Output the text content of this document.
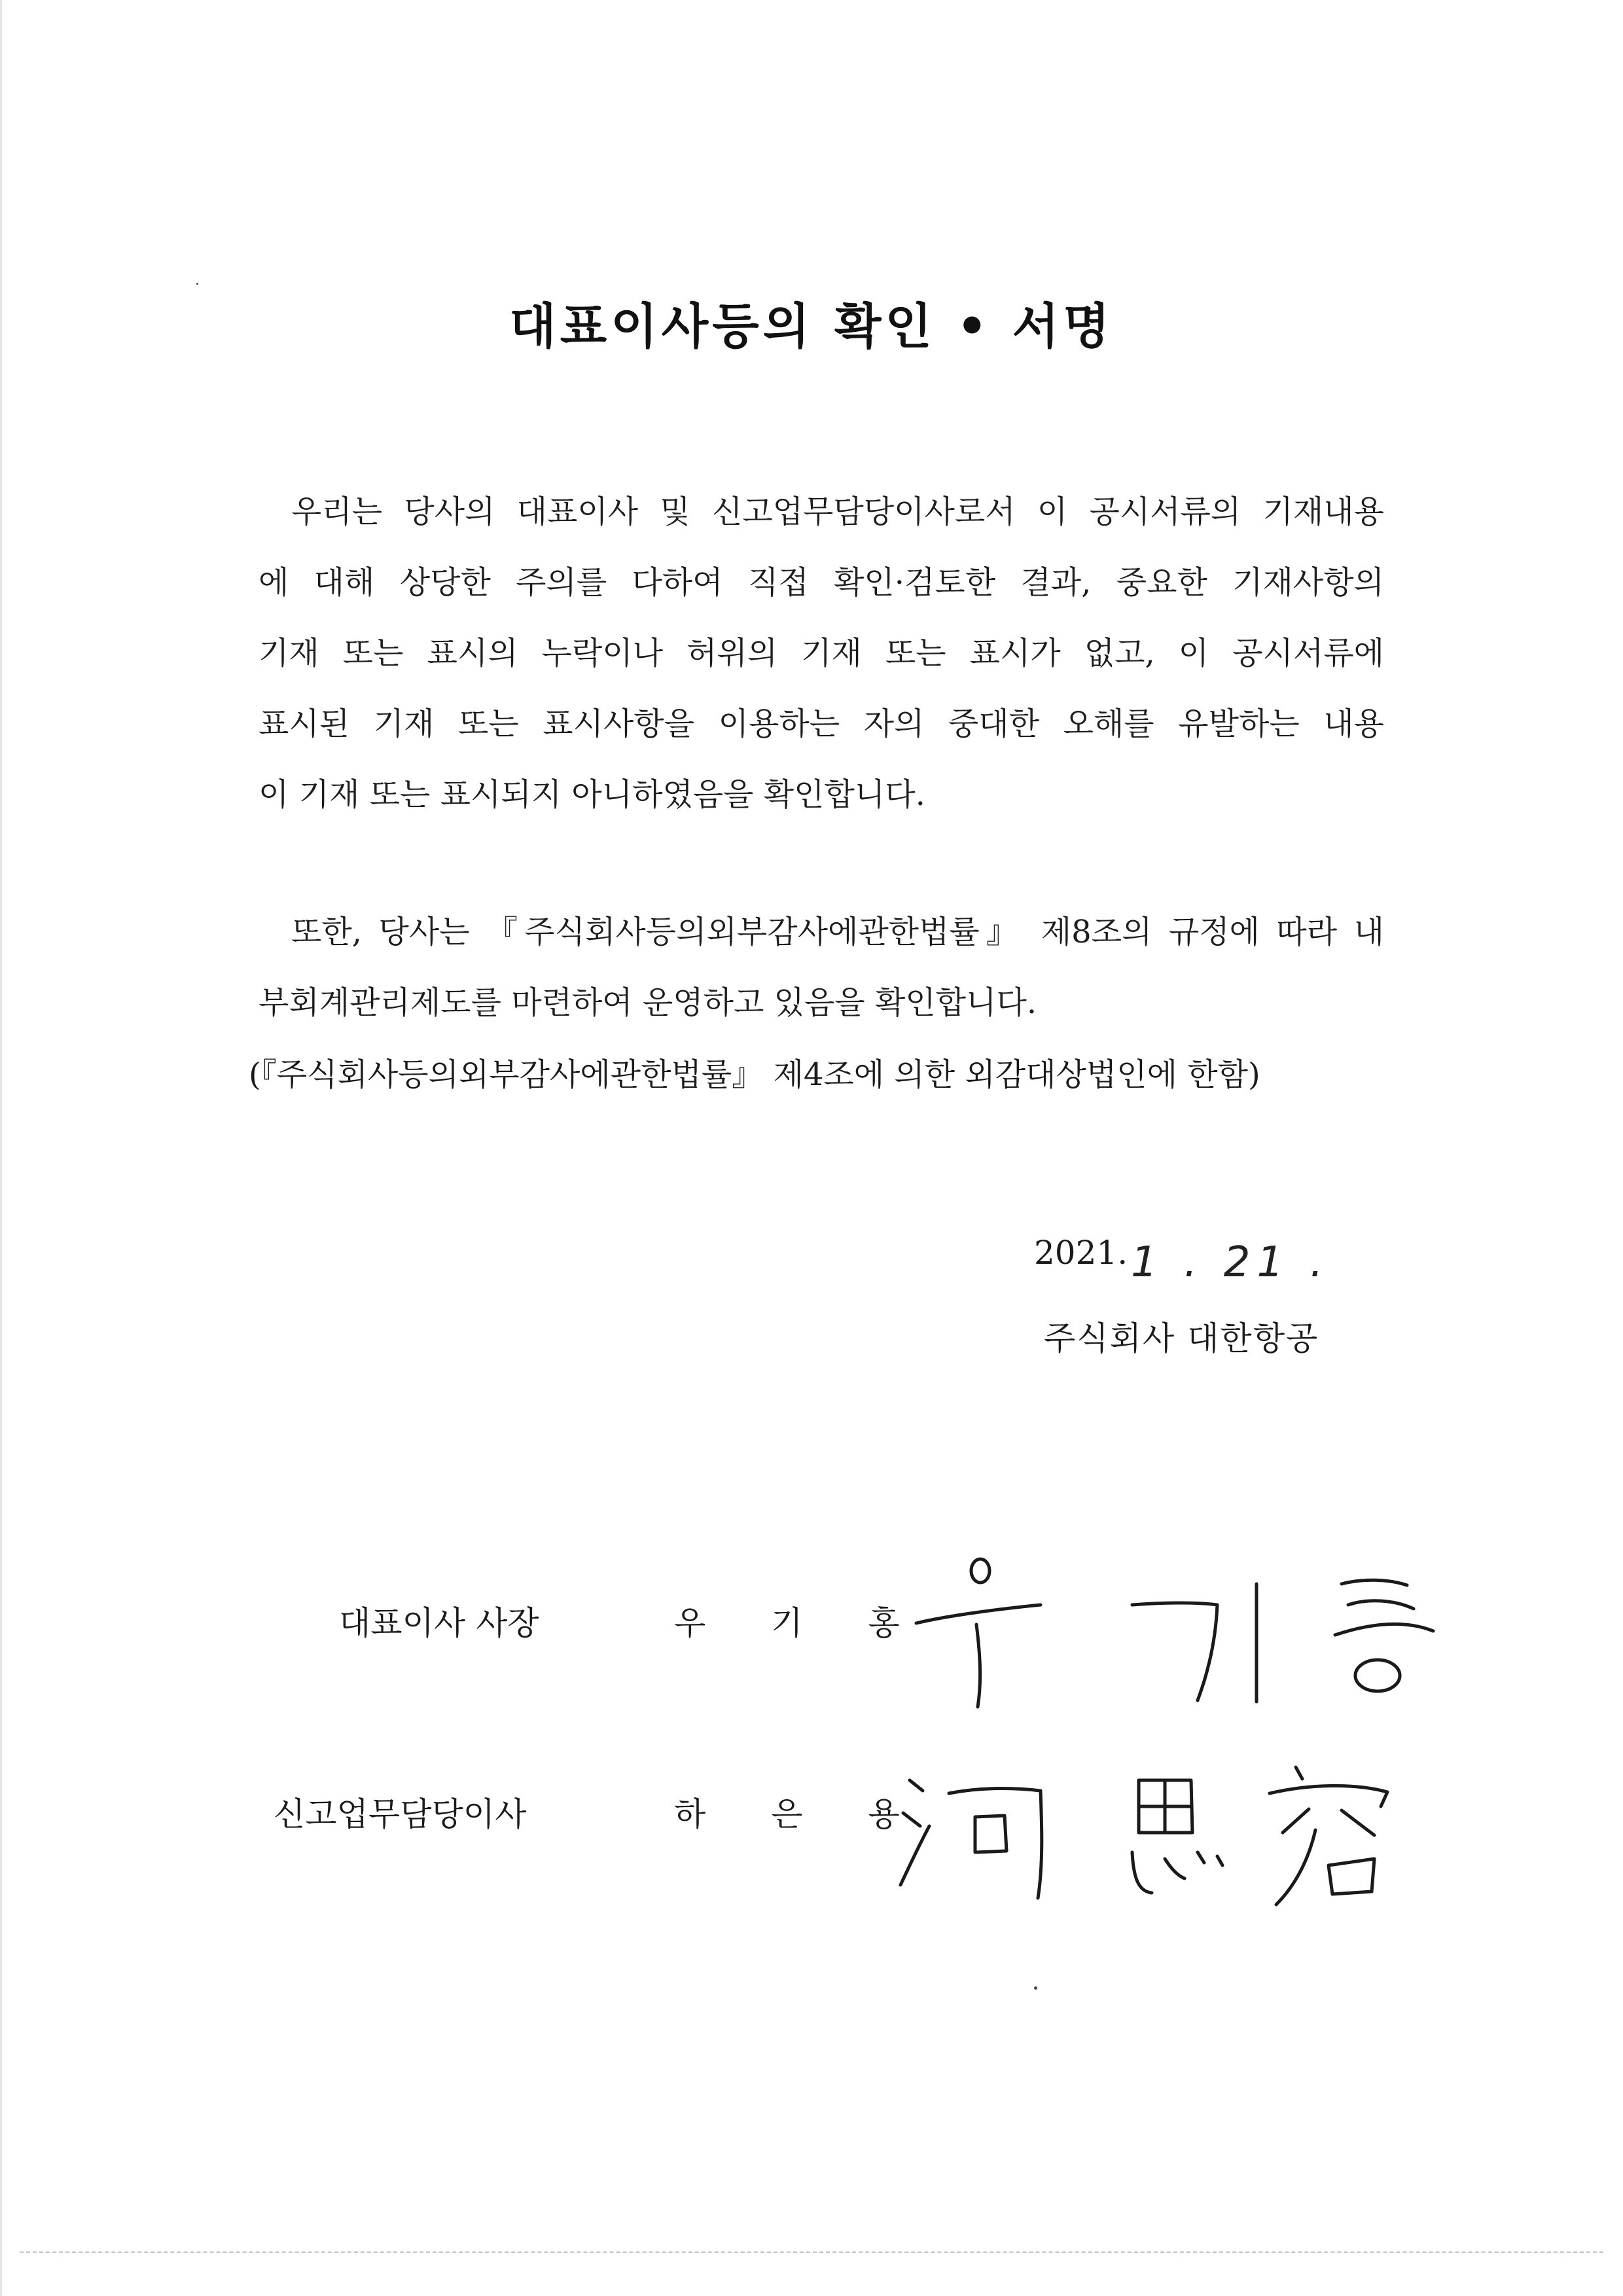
대표이사등의 확인 • 서명
우리는 당사의 대표이사 및 신고업무담당이사로서 이 공시서류의 기재내용
에 대해 상당한 주의를 다하여 직접 확인·검토한 결과, 중요한 기재사항의
기재 또는 표시의 누락이나 허위의 기재 또는 표시가 없고, 이 공시서류에
표시된 기재 또는 표시사항을 이용하는 자의 중대한 오해를 유발하는 내용
이 기재 또는 표시되지 아니하였음을 확인합니다.
또한, 당사는 『주식회사등의외부감사에관한법률』 제8조의 규정에 따라 내
부회계관리제도를 마련하여 운영하고 있음을 확인합니다.

(『주식회사등의외부감사에관한법률』 제4조에 의한 외감대상법인에 한함)

2021. 1 . 21 .

주식회사 대한항공

대표이사 사장	우 기 홍

신고업무담당이사	하 은 용
